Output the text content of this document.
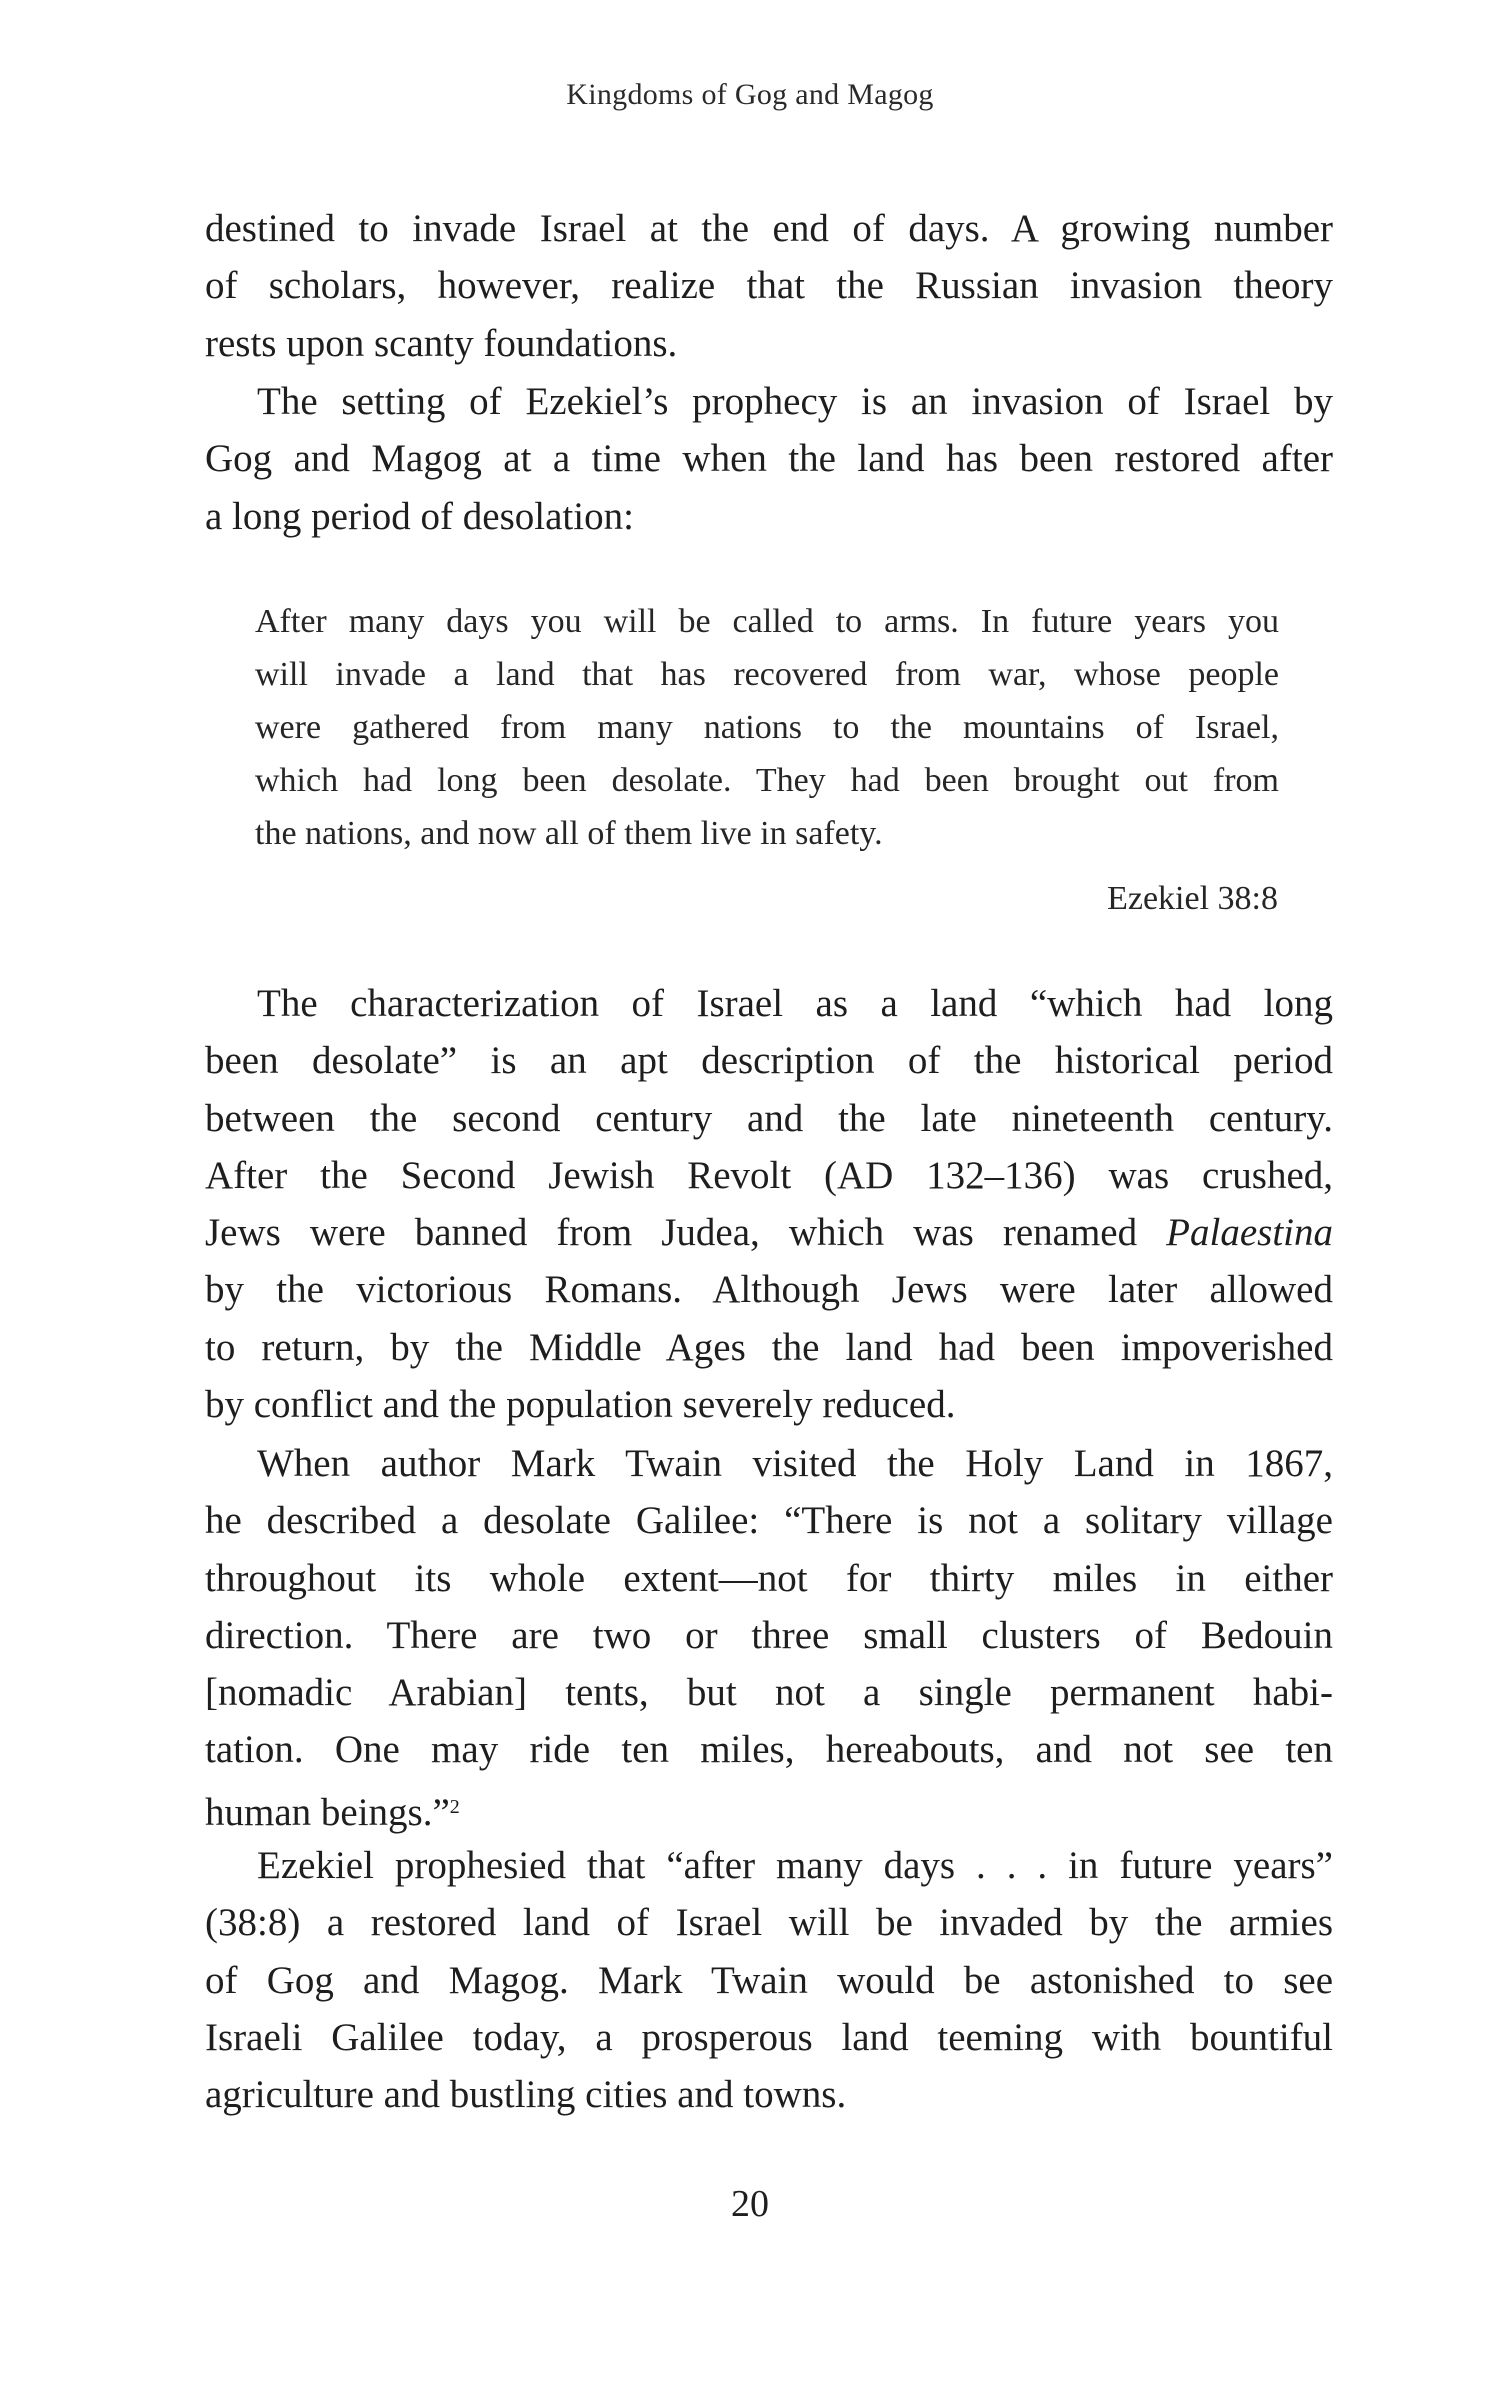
Kingdoms of Gog and Magog
destined to invade Israel at the end of days. A growing number
of scholars, however, realize that the Russian invasion theory
rests upon scanty foundations.
The setting of Ezekiel’s prophecy is an invasion of Israel by
Gog and Magog at a time when the land has been restored after
a long period of desolation:
After many days you will be called to arms. In future years you
will invade a land that has recovered from war, whose people
were gathered from many nations to the mountains of Israel,
which had long been desolate. They had been brought out from
the nations, and now all of them live in safety.
Ezekiel 38:8
The characterization of Israel as a land “which had long
been desolate” is an apt description of the historical period
between the second century and the late nineteenth century.
After the Second Jewish Revolt (AD 132–136) was crushed,
Jews were banned from Judea, which was renamed Palaestina
by the victorious Romans. Although Jews were later allowed
to return, by the Middle Ages the land had been impoverished
by conflict and the population severely reduced.
When author Mark Twain visited the Holy Land in 1867,
he described a desolate Galilee: “There is not a solitary village
throughout its whole extent—not for thirty miles in either
direction. There are two or three small clusters of Bedouin
[nomadic Arabian] tents, but not a single permanent habi-
tation. One may ride ten miles, hereabouts, and not see ten
human beings.”$^2$
Ezekiel prophesied that “after many days . . . in future years”
(38:8) a restored land of Israel will be invaded by the armies
of Gog and Magog. Mark Twain would be astonished to see
Israeli Galilee today, a prosperous land teeming with bountiful
agriculture and bustling cities and towns.
20
